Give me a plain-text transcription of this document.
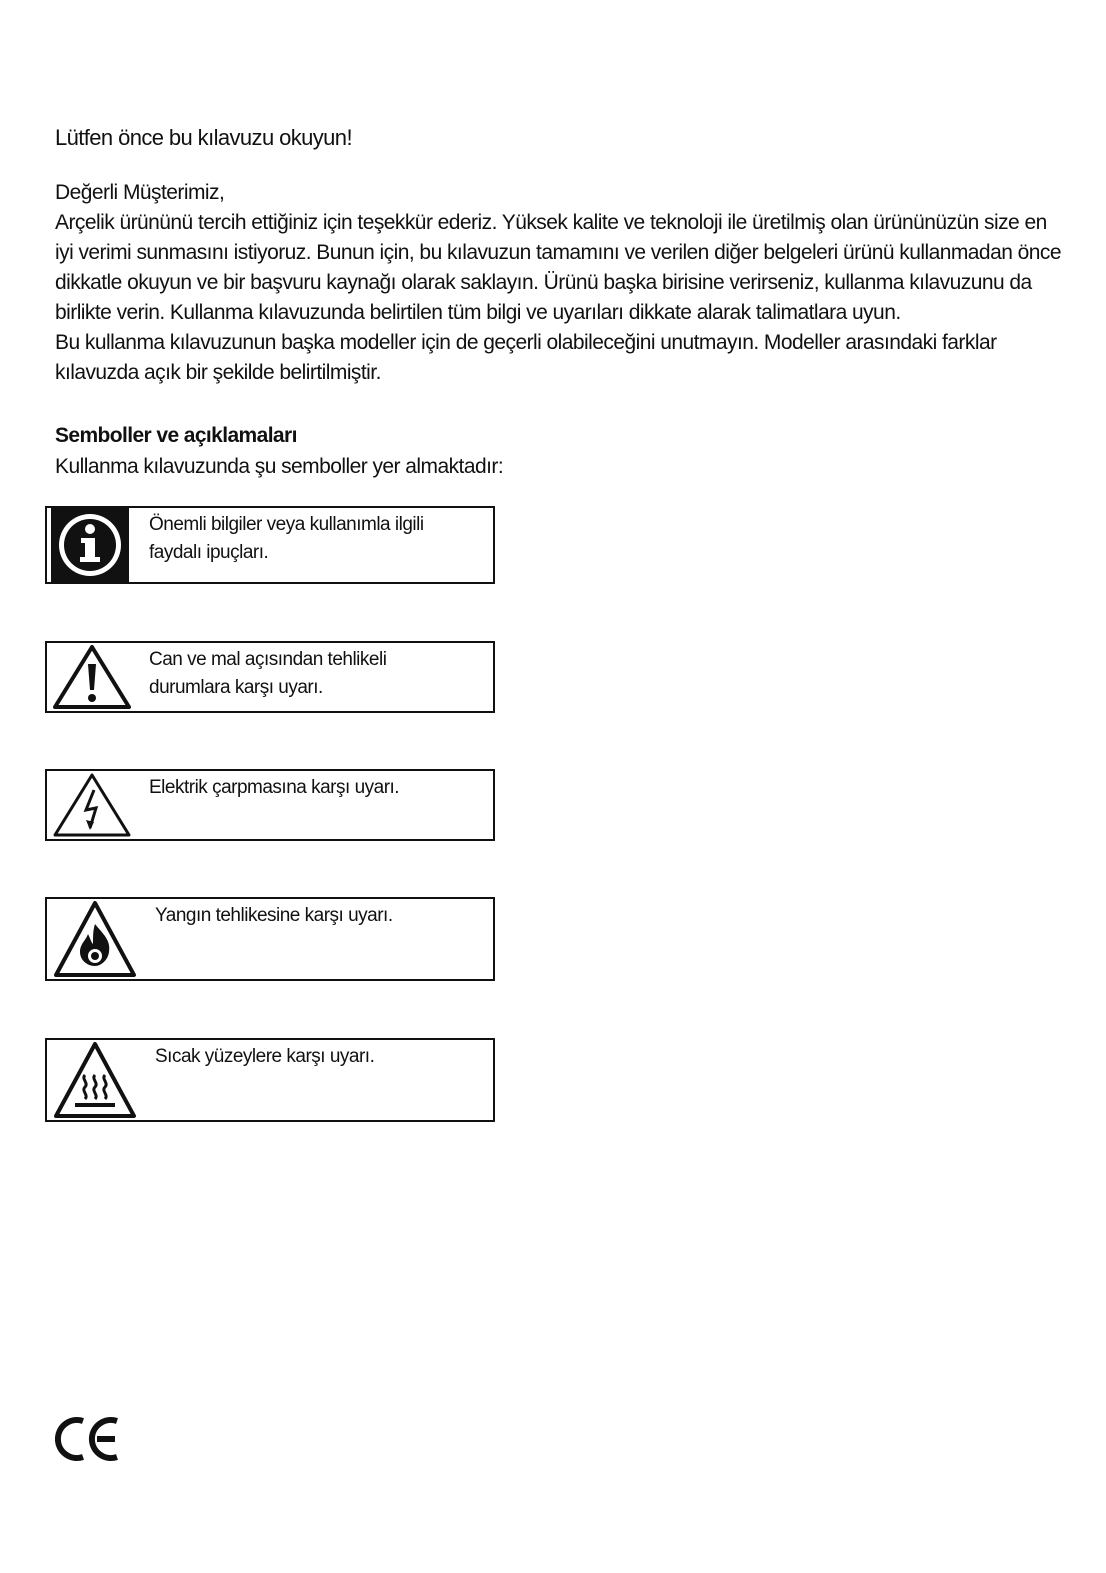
Lütfen önce bu kılavuzu okuyun!

Değerli Müşterimiz,

Arçelik ürününü tercih ettiğiniz için teşekkür ederiz. Yüksek kalite ve teknoloji ile üretilmiş olan ürününüzün size en iyi verimi sunmasını istiyoruz. Bunun için, bu kılavuzun tamamını ve verilen diğer belgeleri ürünü kullanmadan önce dikkatle okuyun ve bir başvuru kaynağı olarak saklayın. Ürünü başka birisine verirseniz, kullanma kılavuzunu da birlikte verin. Kullanma kılavuzunda belirtilen tüm bilgi ve uyarıları dikkate alarak talimatlara uyun.

Bu kullanma kılavuzunun başka modeller için de geçerli olabileceğini unutmayın. Modeller arasındaki farklar kılavuzda açık bir şekilde belirtilmiştir.

Semboller ve açıklamaları

Kullanma kılavuzunda şu semboller yer almaktadır:

Önemli bilgiler veya kullanımla ilgili faydalı ipuçları.
Can ve mal açısından tehlikeli durumlara karşı uyarı.
Elektrik çarpmasına karşı uyarı.
Yangın tehlikesine karşı uyarı.
Sıcak yüzeylere karşı uyarı.
